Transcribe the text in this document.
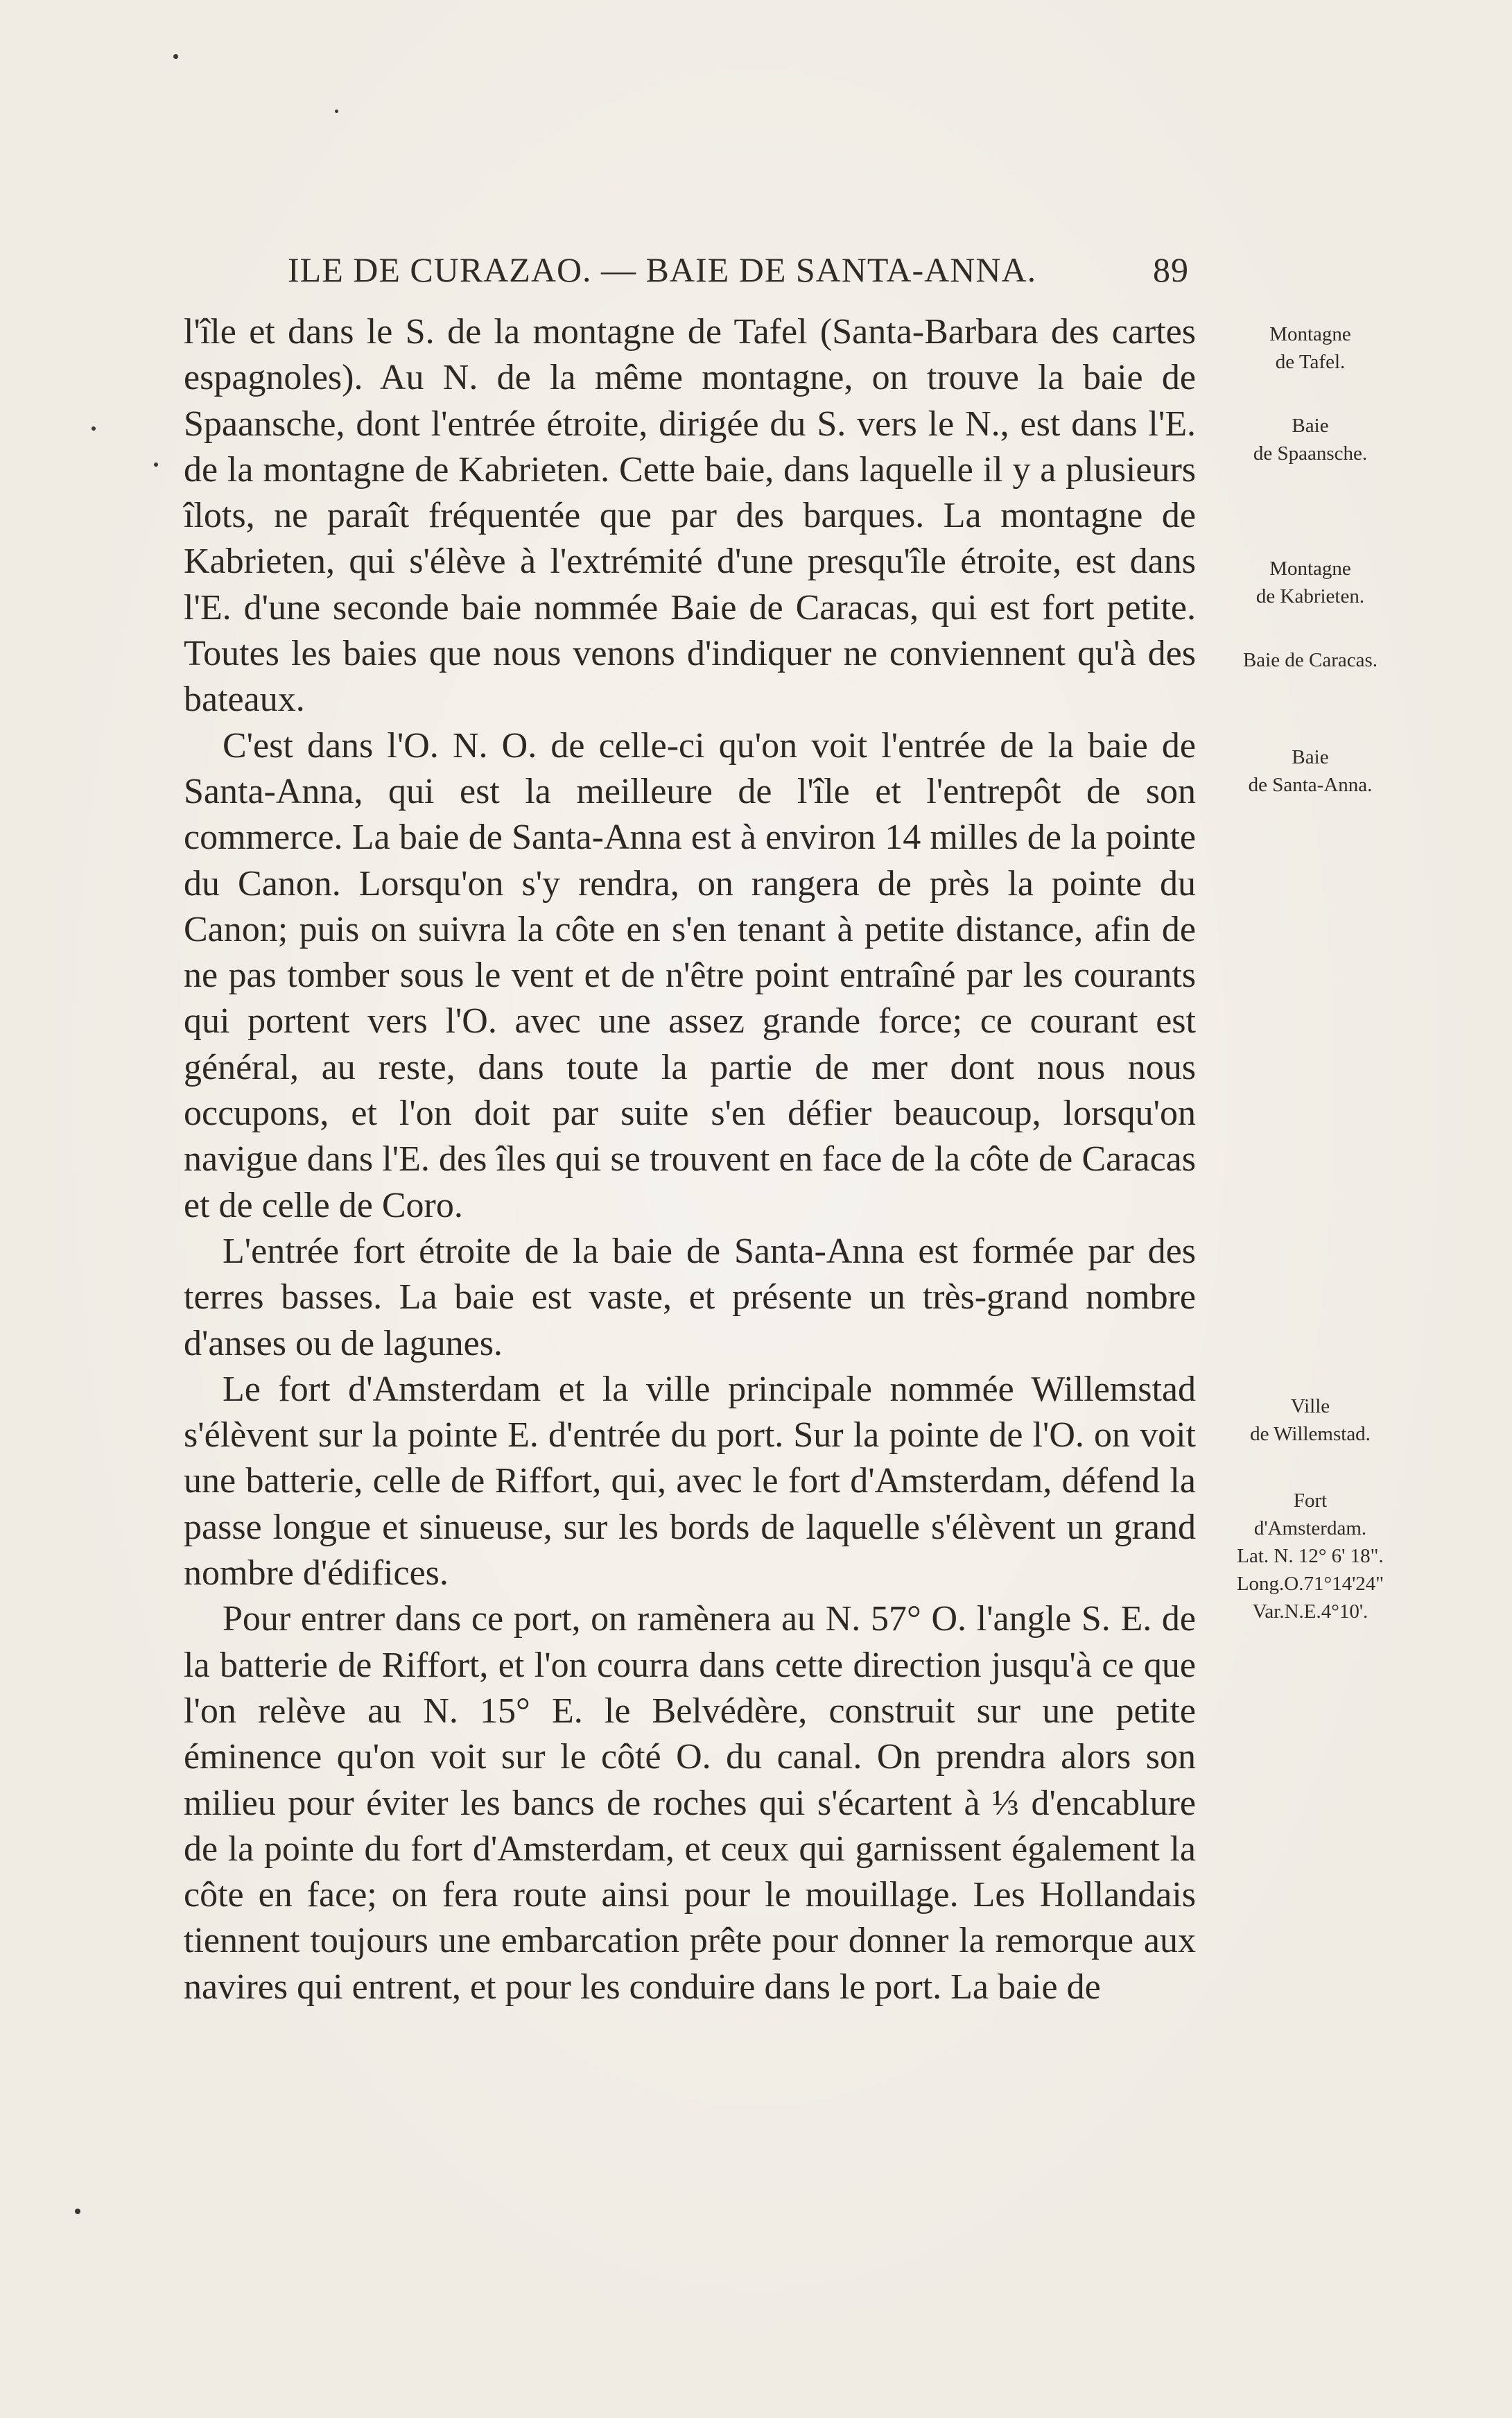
ILE DE CURAZAO. — BAIE DE SANTA-ANNA.	89

l'île et dans le S. de la montagne de Tafel (Santa-Barbara des cartes espagnoles). Au N. de la même montagne, on trouve la baie de Spaansche, dont l'entrée étroite, dirigée du S. vers le N., est dans l'E. de la montagne de Kabrieten. Cette baie, dans laquelle il y a plusieurs îlots, ne paraît fréquentée que par des barques. La montagne de Kabrieten, qui s'élève à l'extrémité d'une presqu'île étroite, est dans l'E. d'une seconde baie nommée Baie de Caracas, qui est fort petite. Toutes les baies que nous venons d'indiquer ne conviennent qu'à des bateaux.

C'est dans l'O. N. O. de celle-ci qu'on voit l'entrée de la baie de Santa-Anna, qui est la meilleure de l'île et l'entrepôt de son commerce. La baie de Santa-Anna est à environ 14 milles de la pointe du Canon. Lorsqu'on s'y rendra, on rangera de près la pointe du Canon; puis on suivra la côte en s'en tenant à petite distance, afin de ne pas tomber sous le vent et de n'être point entraîné par les courants qui portent vers l'O. avec une assez grande force; ce courant est général, au reste, dans toute la partie de mer dont nous nous occupons, et l'on doit par suite s'en défier beaucoup, lorsqu'on navigue dans l'E. des îles qui se trouvent en face de la côte de Caracas et de celle de Coro.

L'entrée fort étroite de la baie de Santa-Anna est formée par des terres basses. La baie est vaste, et présente un très-grand nombre d'anses ou de lagunes.

Le fort d'Amsterdam et la ville principale nommée Willemstad s'élèvent sur la pointe E. d'entrée du port. Sur la pointe de l'O. on voit une batterie, celle de Riffort, qui, avec le fort d'Amsterdam, défend la passe longue et sinueuse, sur les bords de laquelle s'élèvent un grand nombre d'édifices.

Pour entrer dans ce port, on ramènera au N. 57° O. l'angle S. E. de la batterie de Riffort, et l'on courra dans cette direction jusqu'à ce que l'on relève au N. 15° E. le Belvédère, construit sur une petite éminence qu'on voit sur le côté O. du canal. On prendra alors son milieu pour éviter les bancs de roches qui s'écartent à ⅓ d'encablure de la pointe du fort d'Amsterdam, et ceux qui garnissent également la côte en face; on fera route ainsi pour le mouillage. Les Hollandais tiennent toujours une embarcation prête pour donner la remorque aux navires qui entrent, et pour les conduire dans le port. La baie de

Montagne
de Tafel.
Baie
de Spaansche.
Montagne
de Kabrieten.
Baie de Caracas.
Baie
de Santa-Anna.
Ville
de Willemstad.
Fort
d'Amsterdam.
Lat. N. 12° 6' 18".
Long.O.71°14'24"
Var.N.E.4°10'.
